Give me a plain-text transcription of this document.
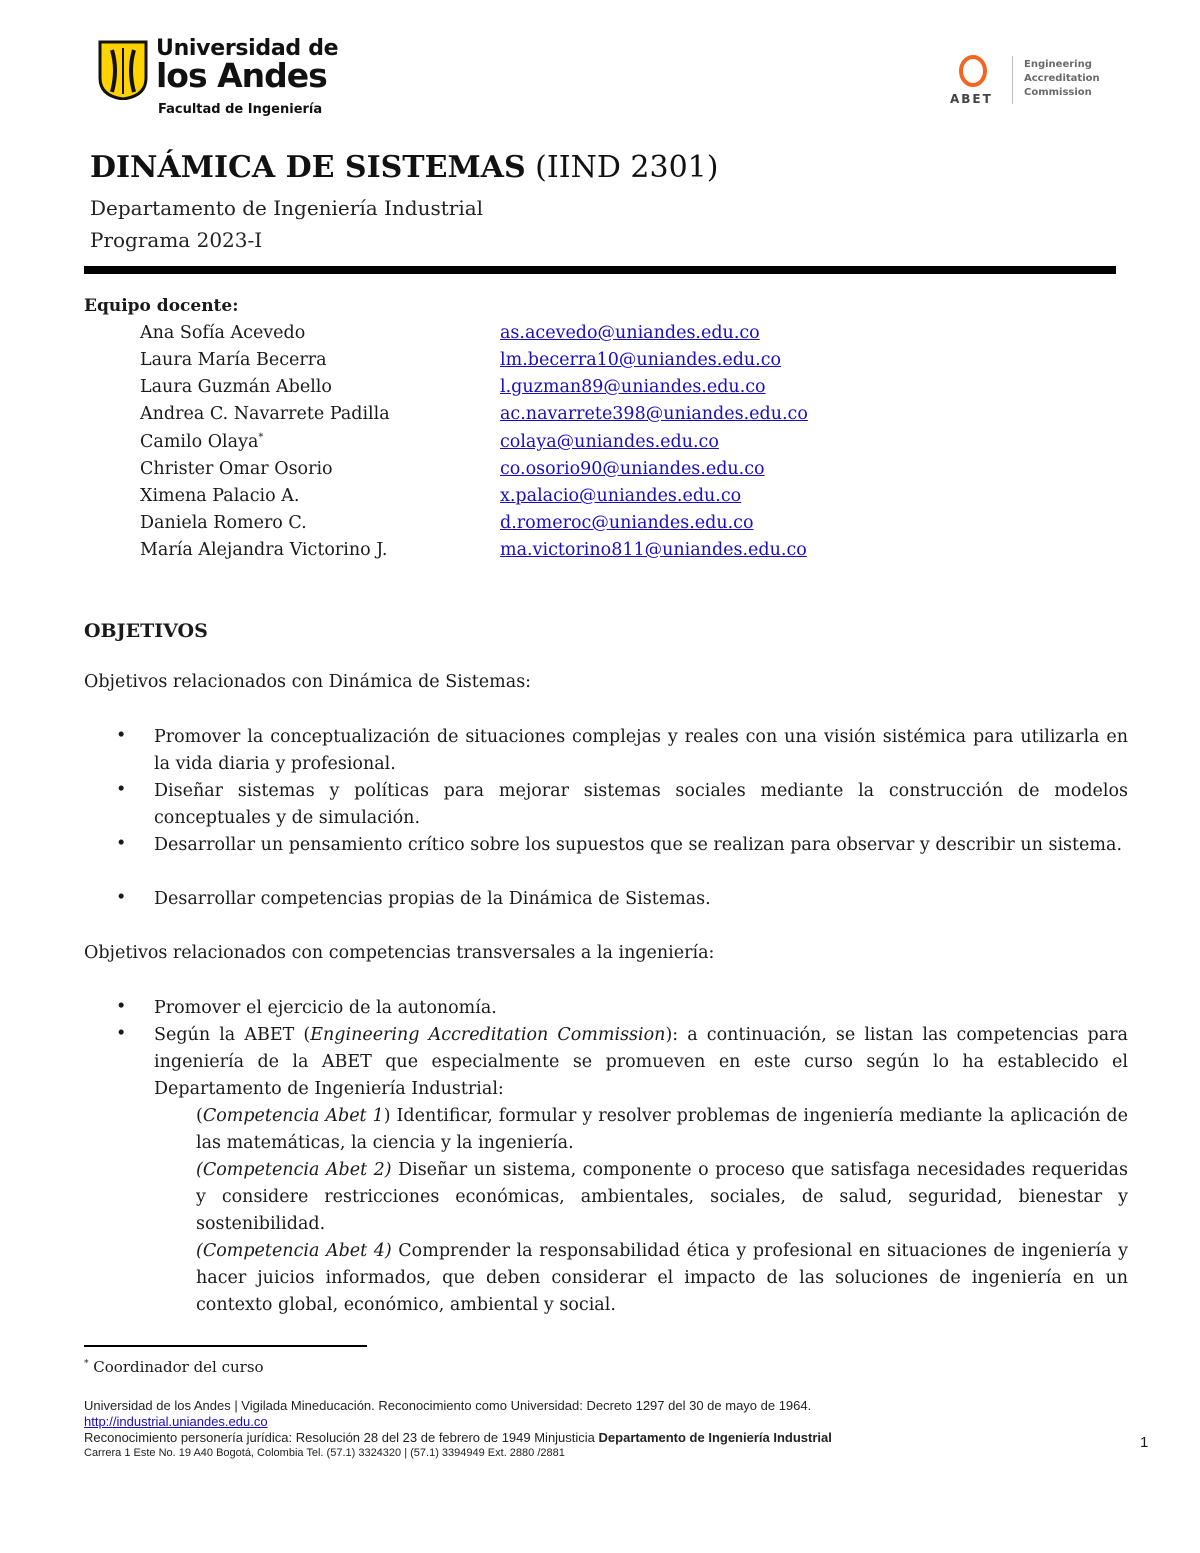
Universidad de
los Andes
Facultad de Ingeniería
ABET
Engineering
Accreditation
Commission
DINÁMICA DE SISTEMAS (IIND 2301)
Departamento de Ingeniería Industrial
Programa 2023-I
Equipo docente:
Ana Sofía Acevedo	as.acevedo@uniandes.edu.co
Laura María Becerra	lm.becerra10@uniandes.edu.co
Laura Guzmán Abello	l.guzman89@uniandes.edu.co
Andrea C. Navarrete Padilla	ac.navarrete398@uniandes.edu.co
Camilo Olaya*	colaya@uniandes.edu.co
Christer Omar Osorio	co.osorio90@uniandes.edu.co
Ximena Palacio A.	x.palacio@uniandes.edu.co
Daniela Romero C.	d.romeroc@uniandes.edu.co
María Alejandra Victorino J.	ma.victorino811@uniandes.edu.co
OBJETIVOS
Objetivos relacionados con Dinámica de Sistemas:
• Promover la conceptualización de situaciones complejas y reales con una visión sistémica para utilizarla en la vida diaria y profesional.
• Diseñar sistemas y políticas para mejorar sistemas sociales mediante la construcción de modelos conceptuales y de simulación.
• Desarrollar un pensamiento crítico sobre los supuestos que se realizan para observar y describir un sistema.
• Desarrollar competencias propias de la Dinámica de Sistemas.
Objetivos relacionados con competencias transversales a la ingeniería:
• Promover el ejercicio de la autonomía.
• Según la ABET (Engineering Accreditation Commission): a continuación, se listan las competencias para ingeniería de la ABET que especialmente se promueven en este curso según lo ha establecido el Departamento de Ingeniería Industrial:
(Competencia Abet 1) Identificar, formular y resolver problemas de ingeniería mediante la aplicación de las matemáticas, la ciencia y la ingeniería.
(Competencia Abet 2) Diseñar un sistema, componente o proceso que satisfaga necesidades requeridas y considere restricciones económicas, ambientales, sociales, de salud, seguridad, bienestar y sostenibilidad.
(Competencia Abet 4) Comprender la responsabilidad ética y profesional en situaciones de ingeniería y hacer juicios informados, que deben considerar el impacto de las soluciones de ingeniería en un contexto global, económico, ambiental y social.
* Coordinador del curso
Universidad de los Andes | Vigilada Mineducación. Reconocimiento como Universidad: Decreto 1297 del 30 de mayo de 1964.
http://industrial.uniandes.edu.co
Reconocimiento personería jurídica: Resolución 28 del 23 de febrero de 1949 Minjusticia Departamento de Ingeniería Industrial
Carrera 1 Este No. 19 A40 Bogotá, Colombia Tel. (57.1) 3324320 | (57.1) 3394949 Ext. 2880 /2881
1
